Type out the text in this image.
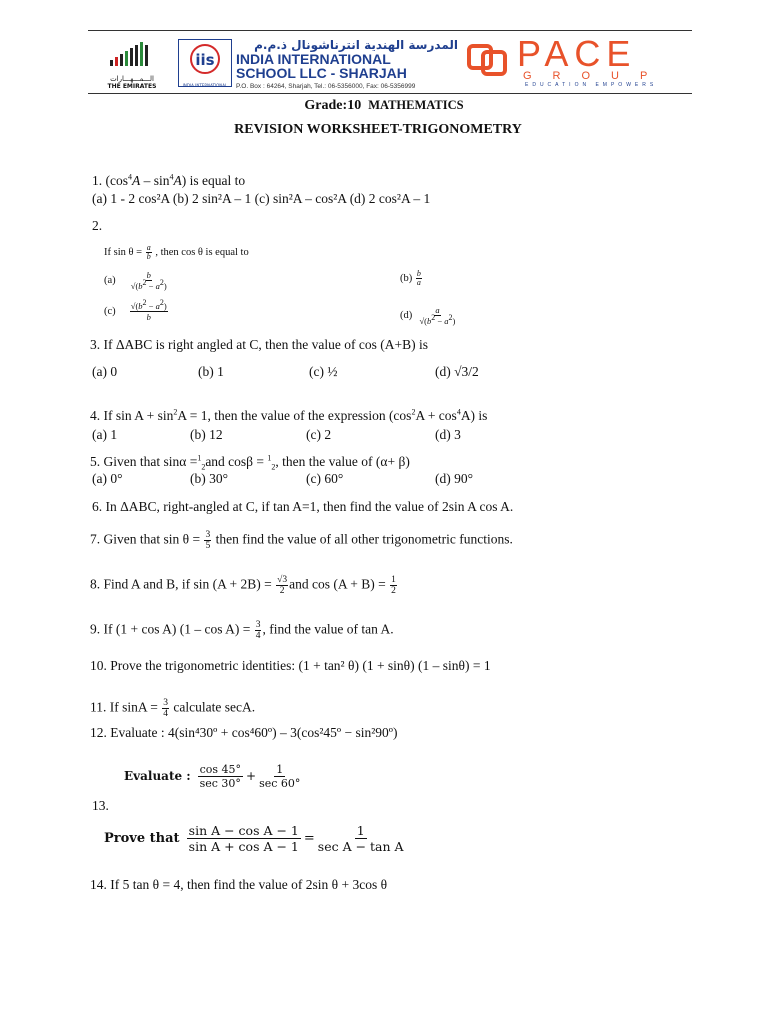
الـــمـــهـــارات
THE EMIRATES
iis
INDIA INTERNATIONAL
المدرسة الهندية انترناشونال ذ.م.م
INDIA INTERNATIONAL
SCHOOL LLC - SHARJAH
P.O. Box : 64264, Sharjah, Tel.: 06-5356000, Fax: 06-5356999
PACE
GROUP
EDUCATION EMPOWERS
Grade:10 MATHEMATICS
REVISION WORKSHEET-TRIGONOMETRY
1. $(\cos^4A - \sin^4A)$ is equal to
(a) 1 - 2 cos²A (b) 2 sin²A – 1 (c) sin²A – cos²A (d) 2 cos²A – 1
2.
If $\sin \theta = \frac{a}{b}$ , then cos θ is equal to
$(a) \frac{b}{√(b^2 - a^2)}$	$(b) \frac{b}{a}$
$(c) \frac{√(b^2 - a^2)}{b}$	$(d) \frac{a}{√(b^2 - a^2)}$
3. If ΔABC is right angled at C, then the value of cos (A+B) is
(a) 0	(b) 1	(c) ½	(d) √3/2
4. If $\sin A + \sin^2A = 1$, then the value of the expression $(\cos^2A + \cos^4A)$ is
(a) 1	(b) 12	(c) 2	(d) 3
5. Given that sinα =$^1_2$and cosβ = $^1_2$, then the value of (α+ β)
(a) 0°	(b) 30°	(c) 60°	(d) 90°
6. In ΔABC, right-angled at C, if tan A=1, then find the value of 2sin A cos A.
7. Given that $\sin \theta = \frac{3}{5}$ then find the value of all other trigonometric functions.
8. Find A and B, if $\sin (A + 2B) = \frac{√3}{2}$ and $\cos (A + B) = \frac{1}{2}$
9. If (1 + cos A) $(1 - \cos A) = \frac{3}{4}$ , find the value of tan A.
10. Prove the trigonometric identities: (1 + tan² θ) (1 + sinθ) (1 – sinθ) = 1
11. If $\sin A = \frac{3}{4}$ calculate secA.
12. Evaluate : 4(sin⁴30º + cos⁴60º) – 3(cos²45º − sin²90º)
Evaluate : cos 45°
sec 30°
+ 1
sec 60°
13.
Prove that $\frac{\text{sin A − cos A − 1}}{\text{sin A + cos A − 1}}$ =
1
sec A − tan A
14. If 5 tan θ = 4, then find the value of 2sin θ + 3cos θ
